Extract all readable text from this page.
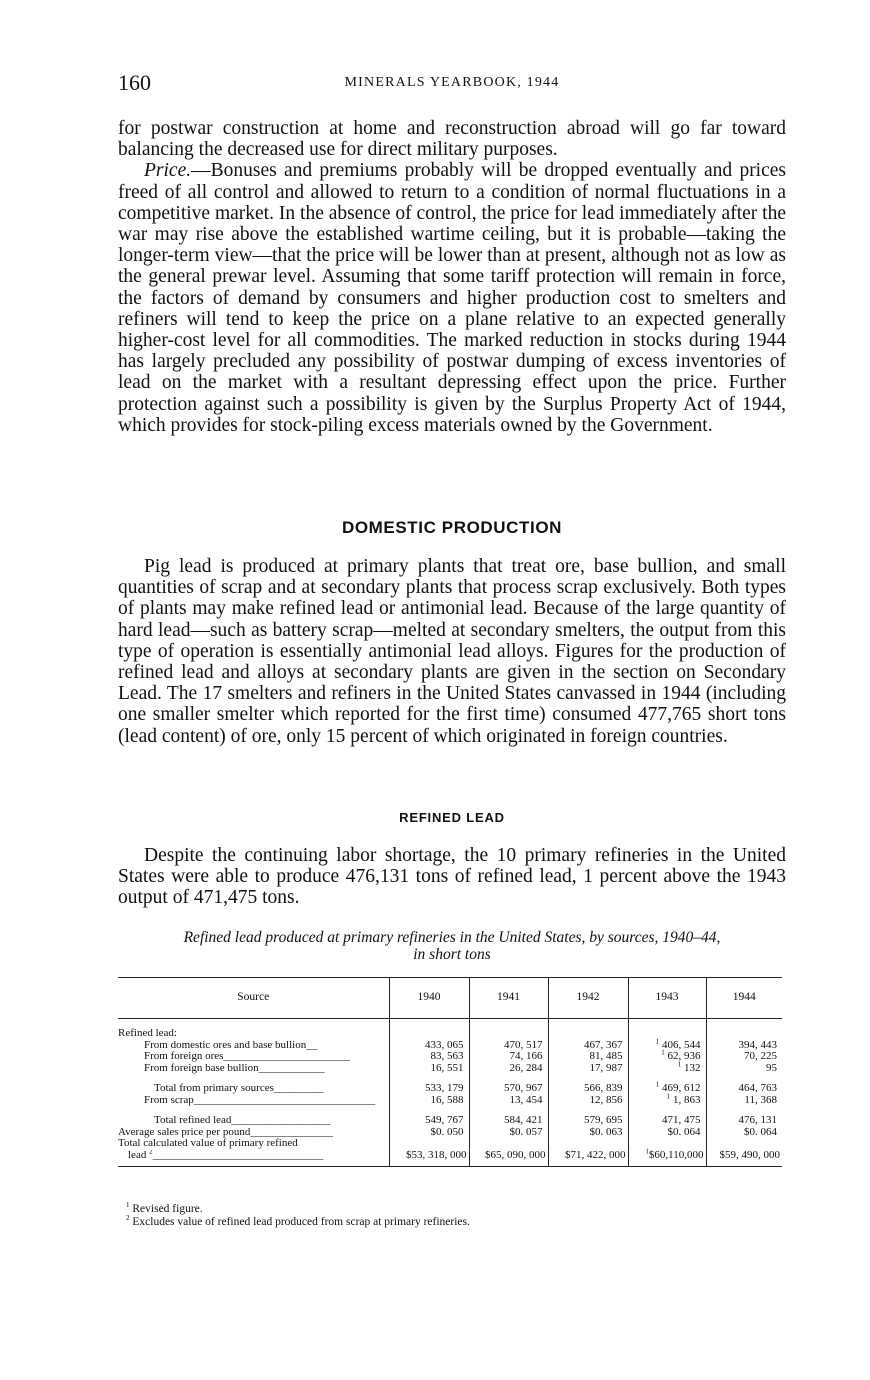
160	MINERALS YEARBOOK, 1944

for postwar construction at home and reconstruction abroad will go far toward balancing the decreased use for direct military purposes.

Price.—Bonuses and premiums probably will be dropped eventually and prices freed of all control and allowed to return to a condition of normal fluctuations in a competitive market. In the absence of control, the price for lead immediately after the war may rise above the established wartime ceiling, but it is probable—taking the longer-term view—that the price will be lower than at present, although not as low as the general prewar level. Assuming that some tariff protection will remain in force, the factors of demand by consumers and higher production cost to smelters and refiners will tend to keep the price on a plane relative to an expected generally higher-cost level for all commodities. The marked reduction in stocks during 1944 has largely precluded any possibility of postwar dumping of excess inventories of lead on the market with a resultant depressing effect upon the price. Further protection against such a possibility is given by the Surplus Property Act of 1944, which provides for stock-piling excess materials owned by the Government.

DOMESTIC PRODUCTION

Pig lead is produced at primary plants that treat ore, base bullion, and small quantities of scrap and at secondary plants that process scrap exclusively. Both types of plants may make refined lead or antimonial lead. Because of the large quantity of hard lead—such as battery scrap—melted at secondary smelters, the output from this type of operation is essentially antimonial lead alloys. Figures for the production of refined lead and alloys at secondary plants are given in the section on Secondary Lead. The 17 smelters and refiners in the United States canvassed in 1944 (including one smaller smelter which reported for the first time) consumed 477,765 short tons (lead content) of ore, only 15 percent of which originated in foreign countries.

REFINED LEAD

Despite the continuing labor shortage, the 10 primary refineries in the United States were able to produce 476,131 tons of refined lead, 1 percent above the 1943 output of 471,475 tons.

Refined lead produced at primary refineries in the United States, by sources, 1940–44,
in short tons
Source	1940	1941	1942	1943	1944

Refined lead:					
From domestic ores and base bullion__	433, 065	470, 517	467, 367	$^1$ 406, 544	394, 443
From foreign ores_______________________	83, 563	74, 166	81, 485	$^1$ 62, 936	70, 225
From foreign base bullion____________	16, 551	26, 284	17, 987	$^1$ 132	95

Total from primary sources_________	533, 179	570, 967	566, 839	$^1$ 469, 612	464, 763
From scrap_________________________________	16, 588	13, 454	12, 856	$^1$ 1, 863	11, 368

Total refined lead__________________	549, 767	584, 421	579, 695	471, 475	476, 131
Average sales price per pound_______________	$0. 050	$0. 057	$0. 063	$0. 064	$0. 064
Total calculated value of primary refined					
lead $^2$_______________________________	$53, 318, 000	$65, 090, 000	$71, 422, 000	$^1$\$60,110,000	$59, 490, 000
$^1$ Revised figure.
$^2$ Excludes value of refined lead produced from scrap at primary refineries.
